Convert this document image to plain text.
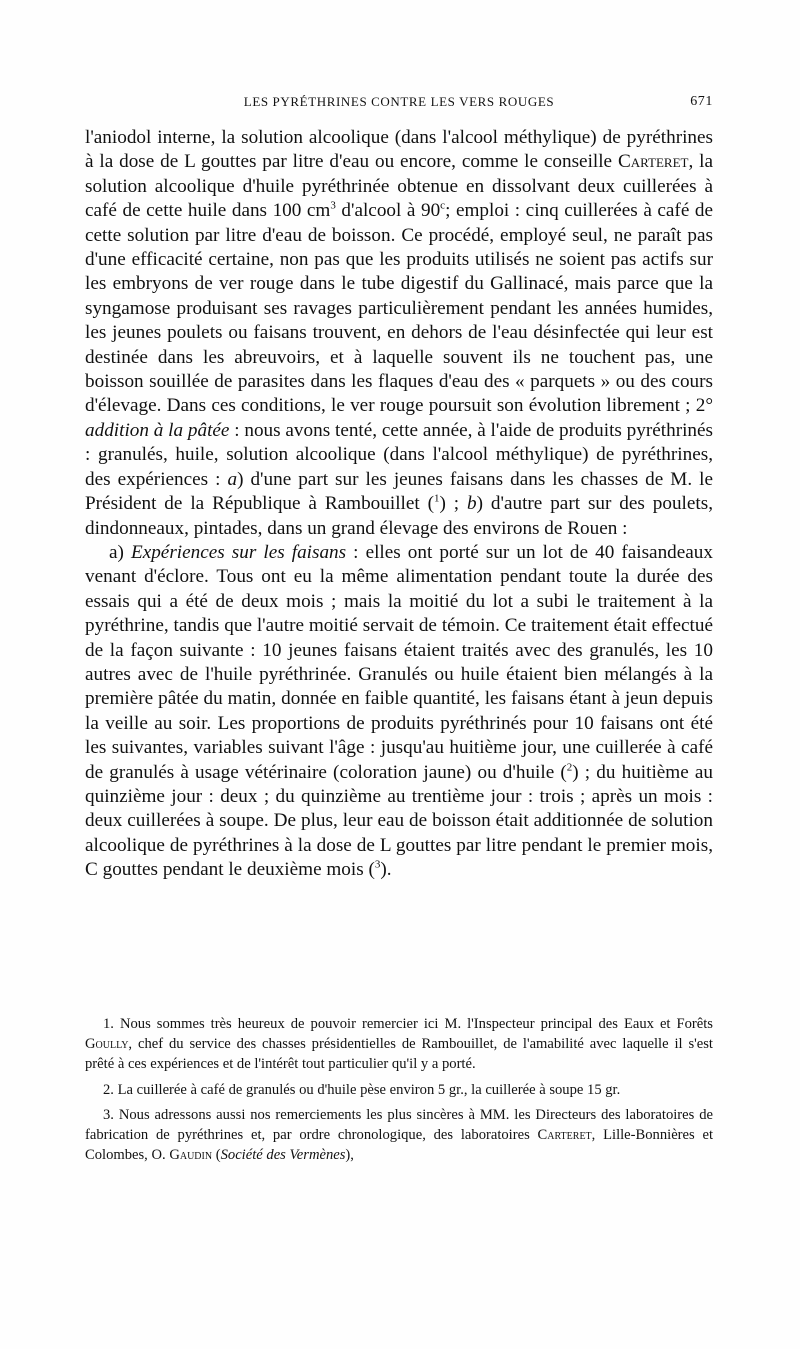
LES PYRÉTHRINES CONTRE LES VERS ROUGES	671

l'aniodol interne, la solution alcoolique (dans l'alcool méthylique) de pyréthrines à la dose de L gouttes par litre d'eau ou encore, comme le conseille Carteret, la solution alcoolique d'huile pyréthrinée obtenue en dissolvant deux cuillerées à café de cette huile dans 100 $cm^3$ d'alcool à 90$^c$; emploi : cinq cuillerées à café de cette solution par litre d'eau de boisson. Ce procédé, employé seul, ne paraît pas d'une efficacité certaine, non pas que les produits utilisés ne soient pas actifs sur les embryons de ver rouge dans le tube digestif du Gallinacé, mais parce que la syngamose produisant ses ravages particulièrement pendant les années humides, les jeunes poulets ou faisans trouvent, en dehors de l'eau désinfectée qui leur est destinée dans les abreuvoirs, et à laquelle souvent ils ne touchent pas, une boisson souillée de parasites dans les flaques d'eau des « parquets » ou des cours d'élevage. Dans ces conditions, le ver rouge poursuit son évolution librement ; 2° addition à la pâtée : nous avons tenté, cette année, à l'aide de produits pyréthrinés : granulés, huile, solution alcoolique (dans l'alcool méthylique) de pyréthrines, des expériences : a) d'une part sur les jeunes faisans dans les chasses de M. le Président de la République à Rambouillet ($^1$) ; b) d'autre part sur des poulets, dindonneaux, pintades, dans un grand élevage des environs de Rouen :

a) Expériences sur les faisans : elles ont porté sur un lot de 40 faisandeaux venant d'éclore. Tous ont eu la même alimentation pendant toute la durée des essais qui a été de deux mois ; mais la moitié du lot a subi le traitement à la pyréthrine, tandis que l'autre moitié servait de témoin. Ce traitement était effectué de la façon suivante : 10 jeunes faisans étaient traités avec des granulés, les 10 autres avec de l'huile pyréthrinée. Granulés ou huile étaient bien mélangés à la première pâtée du matin, donnée en faible quantité, les faisans étant à jeun depuis la veille au soir. Les proportions de produits pyréthrinés pour 10 faisans ont été les suivantes, variables suivant l'âge : jusqu'au huitième jour, une cuillerée à café de granulés à usage vétérinaire (coloration jaune) ou d'huile ($^2$) ; du huitième au quinzième jour : deux ; du quinzième au trentième jour : trois ; après un mois : deux cuillerées à soupe. De plus, leur eau de boisson était additionnée de solution alcoolique de pyréthrines à la dose de L gouttes par litre pendant le premier mois, C gouttes pendant le deuxième mois ($^3$).

1. Nous sommes très heureux de pouvoir remercier ici M. l'Inspecteur principal des Eaux et Forêts Goully, chef du service des chasses présidentielles de Rambouillet, de l'amabilité avec laquelle il s'est prêté à ces expériences et de l'intérêt tout particulier qu'il y a porté.

2. La cuillerée à café de granulés ou d'huile pèse environ 5 gr., la cuillerée à soupe 15 gr.

3. Nous adressons aussi nos remerciements les plus sincères à MM. les Directeurs des laboratoires de fabrication de pyréthrines et, par ordre chronologique, des laboratoires Carteret, Lille-Bonnières et Colombes, O. Gaudin (Société des Vermènes),
